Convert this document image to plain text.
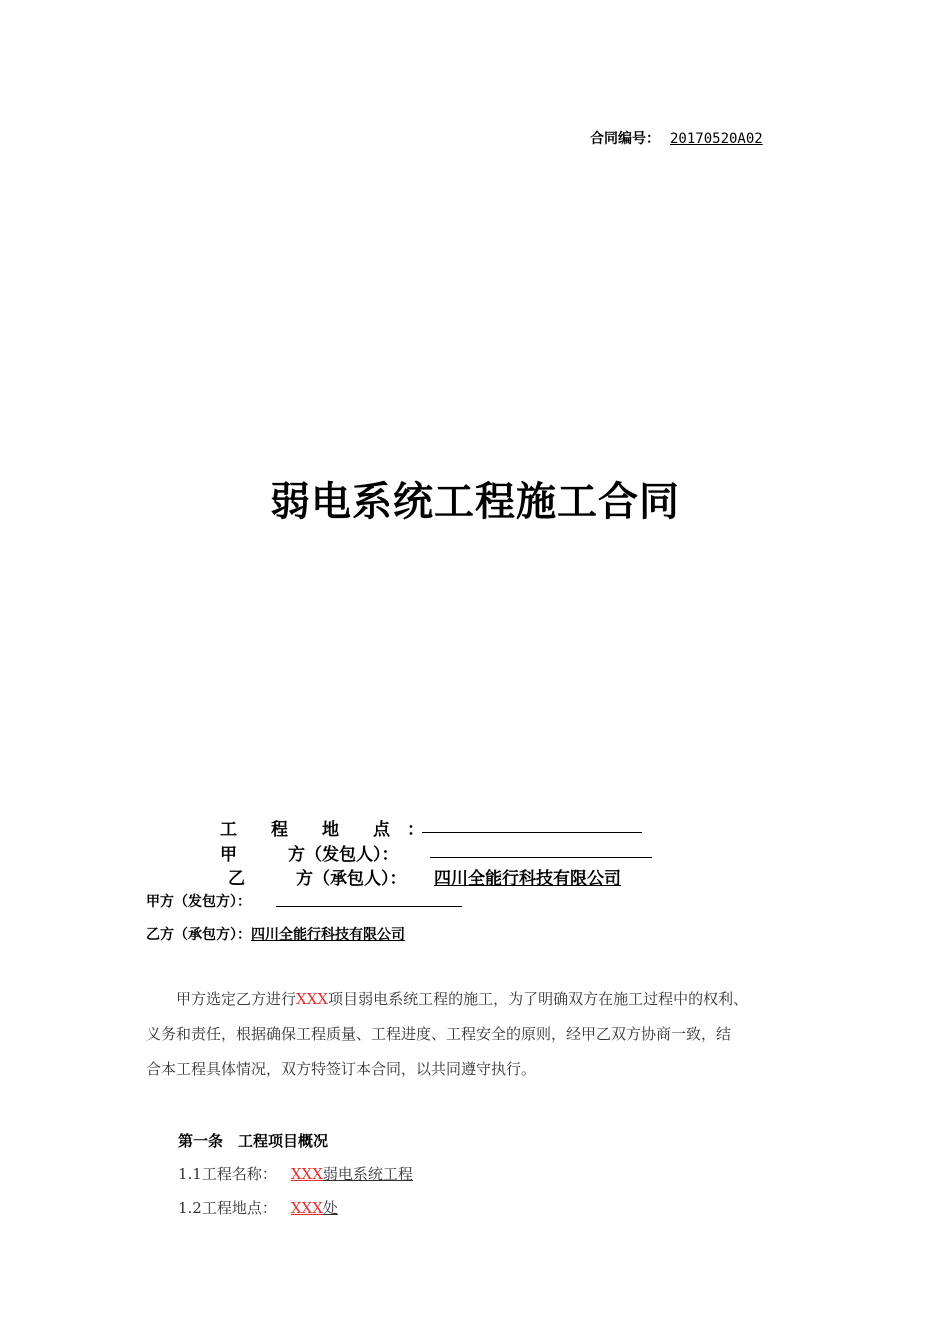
合同编号： 20170520A02
弱电系统工程施工合同
工　　程　　地　　点　：
甲　　　方（发包人）：
乙　　　方（承包人）： 四川全能行科技有限公司
甲方（发包方）：
乙方（承包方）：四川全能行科技有限公司
甲方选定乙方进行XXX项目弱电系统工程的施工，为了明确双方在施工过程中的权利、
义务和责任，根据确保工程质量、工程进度、工程安全的原则，经甲乙双方协商一致，结
合本工程具体情况，双方特签订本合同，以共同遵守执行。
第一条　工程项目概况
1.1工程名称： XXX弱电系统工程
1.2工程地点： XXX处
